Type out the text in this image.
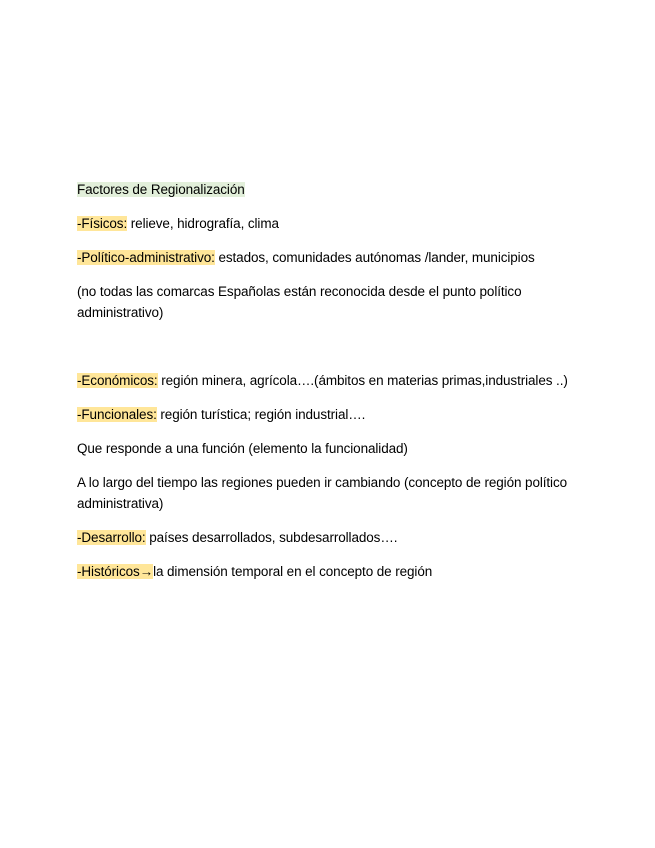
Factores de Regionalización

-Físicos: relieve, hidrografía, clima

-Político-administrativo: estados, comunidades autónomas /lander, municipios

(no todas las comarcas Españolas están reconocida desde el punto político administrativo)

-Económicos: región minera, agrícola….(ámbitos en materias primas,industriales ..)

-Funcionales: región turística; región industrial….

Que responde a una función (elemento la funcionalidad)

A lo largo del tiempo las regiones pueden ir cambiando (concepto de región político administrativa)

-Desarrollo: países desarrollados, subdesarrollados….

-Históricos→la dimensión temporal en el concepto de región
